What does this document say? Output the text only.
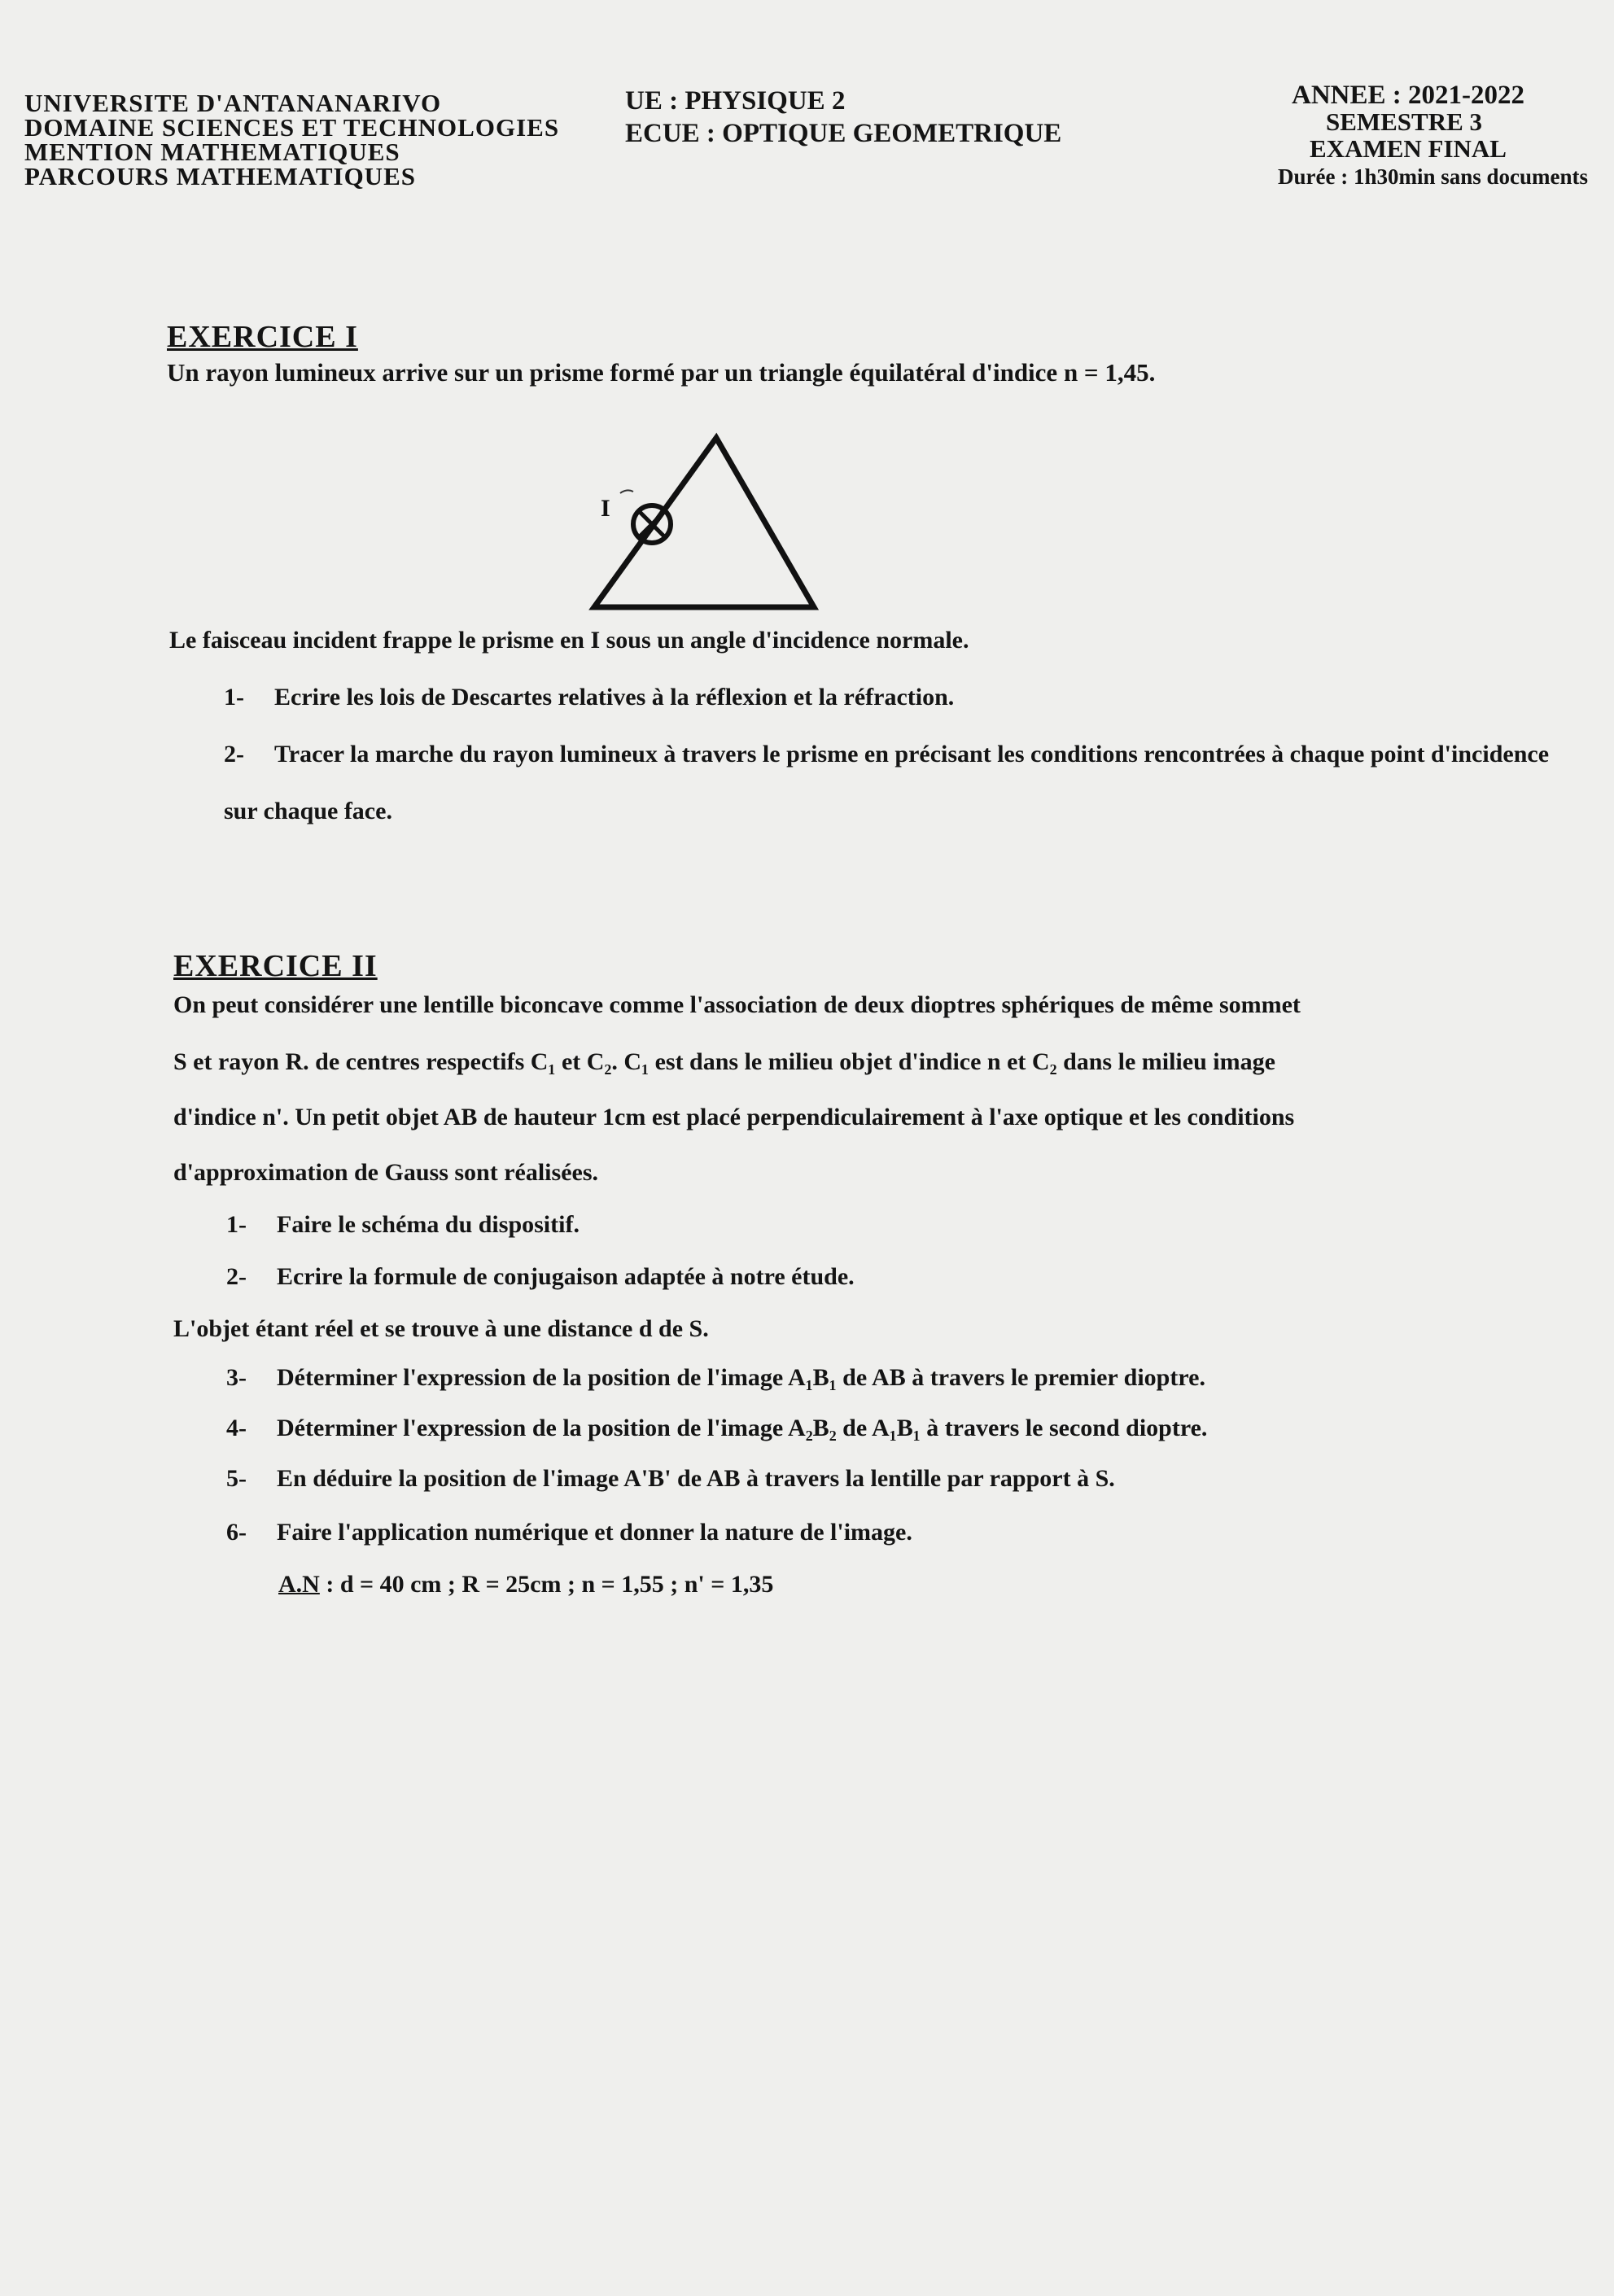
UNIVERSITE D'ANTANANARIVO
DOMAINE SCIENCES ET TECHNOLOGIES
MENTION MATHEMATIQUES
PARCOURS MATHEMATIQUES
UE : PHYSIQUE 2
ECUE : OPTIQUE GEOMETRIQUE
ANNEE : 2021-2022
SEMESTRE 3
EXAMEN FINAL
Durée : 1h30min sans documents
EXERCICE I
Un rayon lumineux arrive sur un prisme formé par un triangle équilatéral d'indice n = 1,45.
I
Le faisceau incident frappe le prisme en I sous un angle d'incidence normale.
1- Ecrire les lois de Descartes relatives à la réflexion et la réfraction.
2- Tracer la marche du rayon lumineux à travers le prisme en précisant les conditions rencontrées à chaque point d'incidence sur chaque face.
EXERCICE II
On peut considérer une lentille biconcave comme l'association de deux dioptres sphériques de même sommet
S et rayon R. de centres respectifs C₁ et C₂. C₁ est dans le milieu objet d'indice n et C₂ dans le milieu image
d'indice n'. Un petit objet AB de hauteur 1cm est placé perpendiculairement à l'axe optique et les conditions
d'approximation de Gauss sont réalisées.
1- Faire le schéma du dispositif.
2- Ecrire la formule de conjugaison adaptée à notre étude.
L'objet étant réel et se trouve à une distance d de S.
3- Déterminer l'expression de la position de l'image A₁B₁ de AB à travers le premier dioptre.
4- Déterminer l'expression de la position de l'image A₂B₂ de A₁B₁ à travers le second dioptre.
5- En déduire la position de l'image A'B' de AB à travers la lentille par rapport à S.
6- Faire l'application numérique et donner la nature de l'image.
A.N : d = 40 cm ; R = 25cm ; n = 1,55 ; n' = 1,35
